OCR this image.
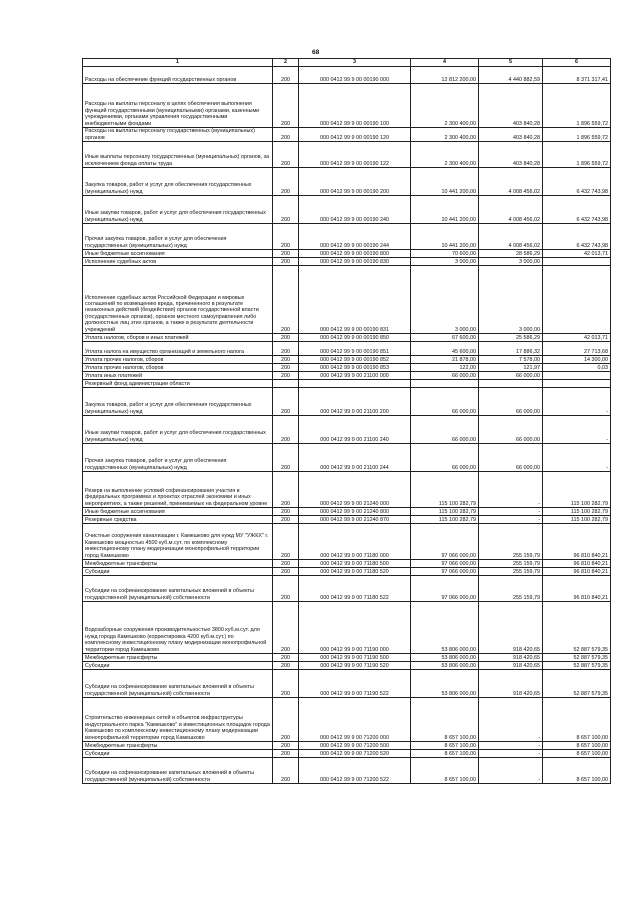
68
1	2	3	4	5	6
Расходы на обеспечение функций государственных органов	200	000 0412 99 9 00 00190 000	12 812 200,00	4 440 882,59	8 371 317,41
Расходы на выплаты персоналу в целях обеспечения выполнения функций государственными (муниципальными) органами, казенными учреждениями, органами управления государственными внебюджетными фондами	200	000 0412 99 9 00 00190 100	2 300 400,00	403 840,28	1 896 559,72
Расходы на выплаты персоналу государственных (муниципальных) органов	200	000 0412 99 9 00 00190 120	2 300 400,00	403 840,28	1 896 559,72
Иные выплаты персоналу государственных (муниципальных) органов, за исключением фонда оплаты труда	200	000 0412 99 9 00 00190 122	2 300 400,00	403 840,28	1 896 559,72
Закупка товаров, работ и услуг для обеспечения государственных (муниципальных) нужд	200	000 0412 99 9 00 00190 200	10 441 200,00	4 008 456,02	6 432 743,98
Иные закупки товаров, работ и услуг для обеспечения государственных (муниципальных) нужд	200	000 0412 99 9 00 00190 240	10 441 200,00	4 008 456,02	6 432 743,98
Прочая закупка товаров, работ и услуг для обеспечения государственных (муниципальных) нужд	200	000 0412 99 9 00 00190 244	10 441 200,00	4 008 456,02	6 432 743,98
Иные бюджетные ассигнования	200	000 0412 99 9 00 00190 800	70 600,00	28 586,29	42 013,71
Исполнение судебных актов	200	000 0412 99 9 00 00190 830	3 000,00	3 000,00	
Исполнение судебных актов Российской Федерации и мировых соглашений по возмещению вреда, причиненного в результате незаконных действий (бездействия) органов государственной власти (государственных органов), органов местного самоуправления либо должностных лиц этих органов, а также в результате деятельности учреждений	200	000 0412 99 9 00 00190 831	3 000,00	3 000,00	
Уплата налогов, сборов и иных платежей	200	000 0412 99 9 00 00190 850	67 600,00	25 586,29	42 013,71
Уплата налога на имущество организаций и земельного налога	200	000 0412 99 9 00 00190 851	45 600,00	17 886,32	27 713,68
Уплата прочих налогов, сборов	200	000 0412 99 9 00 00190 852	21 878,00	7 578,00	14 300,00
Уплата прочих налогов, сборов	200	000 0412 99 9 00 00190 853	122,00	121,97	0,03
Уплата иных платежей	200	000 0412 99 9 00 21100 000	66 000,00	66 000,00	
Резервный фонд администрации области					
Закупка товаров, работ и услуг для обеспечения государственных (муниципальных) нужд	200	000 0412 99 9 00 21100 200	66 000,00	66 000,00	-
Иные закупки товаров, работ и услуг для обеспечения государственных (муниципальных) нужд	200	000 0412 99 9 00 21100 240	66 000,00	66 000,00	-
Прочая закупка товаров, работ и услуг для обеспечения государственных (муниципальных) нужд	200	000 0412 99 9 00 21100 244	66 000,00	66 000,00	-
Резерв на выполнение условий софинансирования участия в федеральных программах и проектах отраслей экономики и иных мероприятиях, а также решений, принимаемых на федеральном уровне	200	000 0412 99 9 00 21240 000	115 100 282,79	-	115 100 282,79
Иные бюджетные ассигнования	200	000 0412 99 9 00 21240 800	115 100 282,79	-	115 100 282,79
Резервные средства	200	000 0412 99 9 00 21240 870	115 100 282,79	-	115 100 282,79
Очистные сооружения канализации г. Камешково для нужд МУ "УЖКХ" г. Камешково мощностью 4500 куб.м.сут. по комплексному инвестиционному плану модернизации монопрофильной территории город Камешково	200	000 0412 99 9 00 71180 000	97 066 000,00	255 159,79	96 810 840,21
Межбюджетные трансферты	200	000 0412 99 9 00 71180 500	97 066 000,00	255 159,79	96 810 840,21
Субсидии	200	000 0412 99 9 00 71180 520	97 066 000,00	255 159,79	96 810 840,21
Субсидии на софинансирование капитальных вложений в объекты государственной (муниципальной) собственности	200	000 0412 99 9 00 71180 522	97 066 000,00	255 159,79	96 810 840,21
Водозаборные сооружения производительностью 3800 куб.м.сут. для нужд города Камешково (корректировка 4200 куб.м.сут.) по комплексному инвестиционному плану модернизации монопрофильной территории город Камешково	200	000 0412 99 9 00 71190 000	53 806 000,00	918 420,65	52 887 579,35
Межбюджетные трансферты	200	000 0412 99 9 00 71190 500	53 806 000,00	918 420,65	52 887 579,35
Субсидии	200	000 0412 99 9 00 71190 520	53 806 000,00	918 420,65	52 887 579,35
Субсидии на софинансирование капитальных вложений в объекты государственной (муниципальной) собственности	200	000 0412 99 9 00 71190 522	53 806 000,00	918 420,65	52 887 579,35
Строительство инженерных сетей и объектов инфраструктуры индустриального парка "Камешково" и инвестиционных площадок города Камешково по комплексному инвестиционному плану модернизации монопрофильной территории город Камешково	200	000 0412 99 9 00 71200 000	8 657 100,00	-	8 657 100,00
Межбюджетные трансферты	200	000 0412 99 9 00 71200 500	8 657 100,00	-	8 657 100,00
Субсидии	200	000 0412 99 9 00 71200 520	8 657 100,00	-	8 657 100,00
Субсидии на софинансирование капитальных вложений в объекты государственной (муниципальной) собственности	200	000 0412 99 9 00 71200 522	8 657 100,00	-	8 657 100,00
